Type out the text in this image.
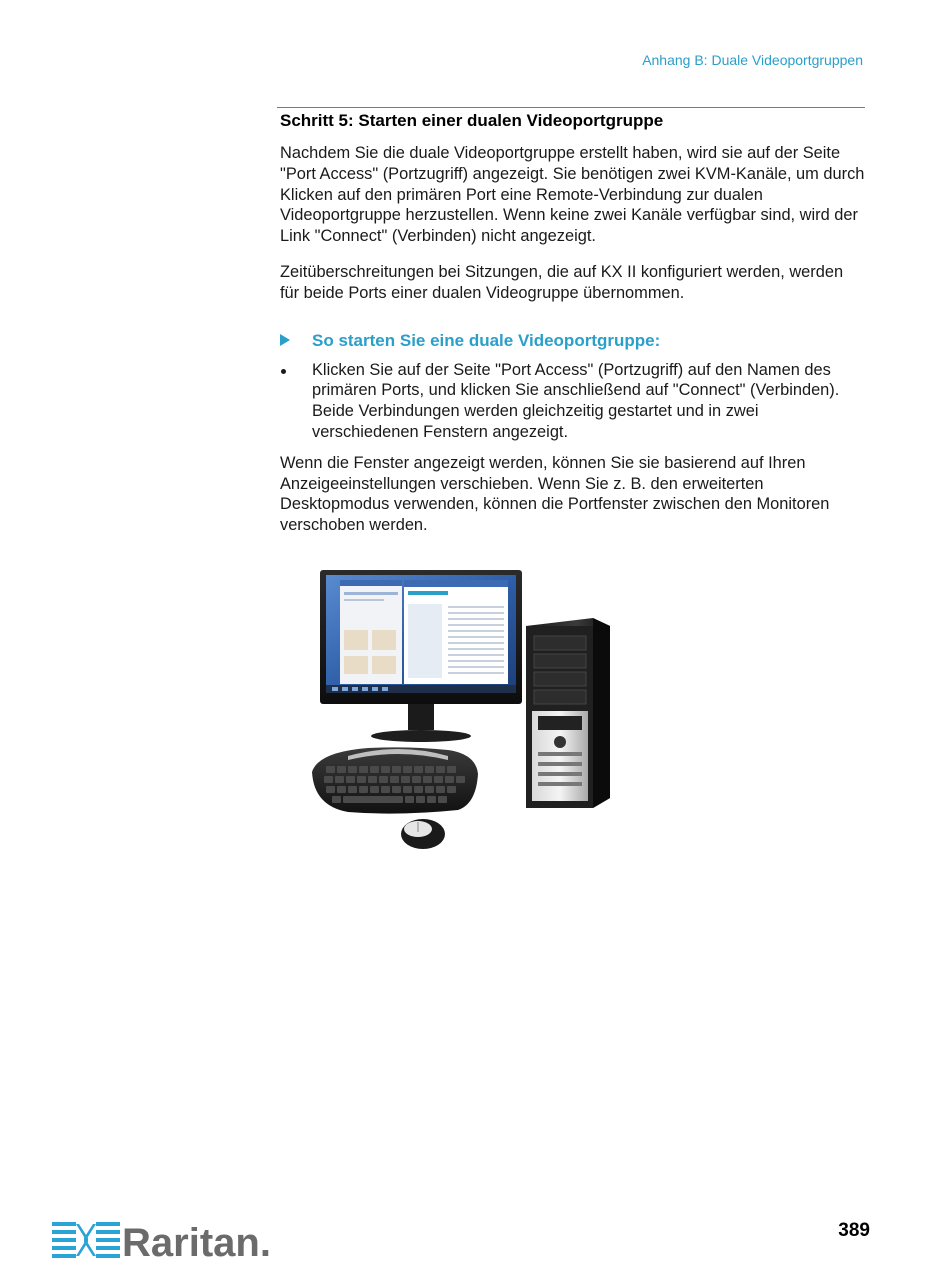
Anhang B: Duale Videoportgruppen
Schritt 5: Starten einer dualen Videoportgruppe

Nachdem Sie die duale Videoportgruppe erstellt haben, wird sie auf der Seite "Port Access" (Portzugriff) angezeigt. Sie benötigen zwei KVM-Kanäle, um durch Klicken auf den primären Port eine Remote-Verbindung zur dualen Videoportgruppe herzustellen. Wenn keine zwei Kanäle verfügbar sind, wird der Link "Connect" (Verbinden) nicht angezeigt.

Zeitüberschreitungen bei Sitzungen, die auf KX II konfiguriert werden, werden für beide Ports einer dualen Videogruppe übernommen.

So starten Sie eine duale Videoportgruppe:
Klicken Sie auf der Seite "Port Access" (Portzugriff) auf den Namen des primären Ports, und klicken Sie anschließend auf "Connect" (Verbinden). Beide Verbindungen werden gleichzeitig gestartet und in zwei verschiedenen Fenstern angezeigt.

Wenn die Fenster angezeigt werden, können Sie sie basierend auf Ihren Anzeigeeinstellungen verschieben. Wenn Sie z. B. den erweiterten Desktopmodus verwenden, können die Portfenster zwischen den Monitoren verschoben werden.

Raritan.	389
